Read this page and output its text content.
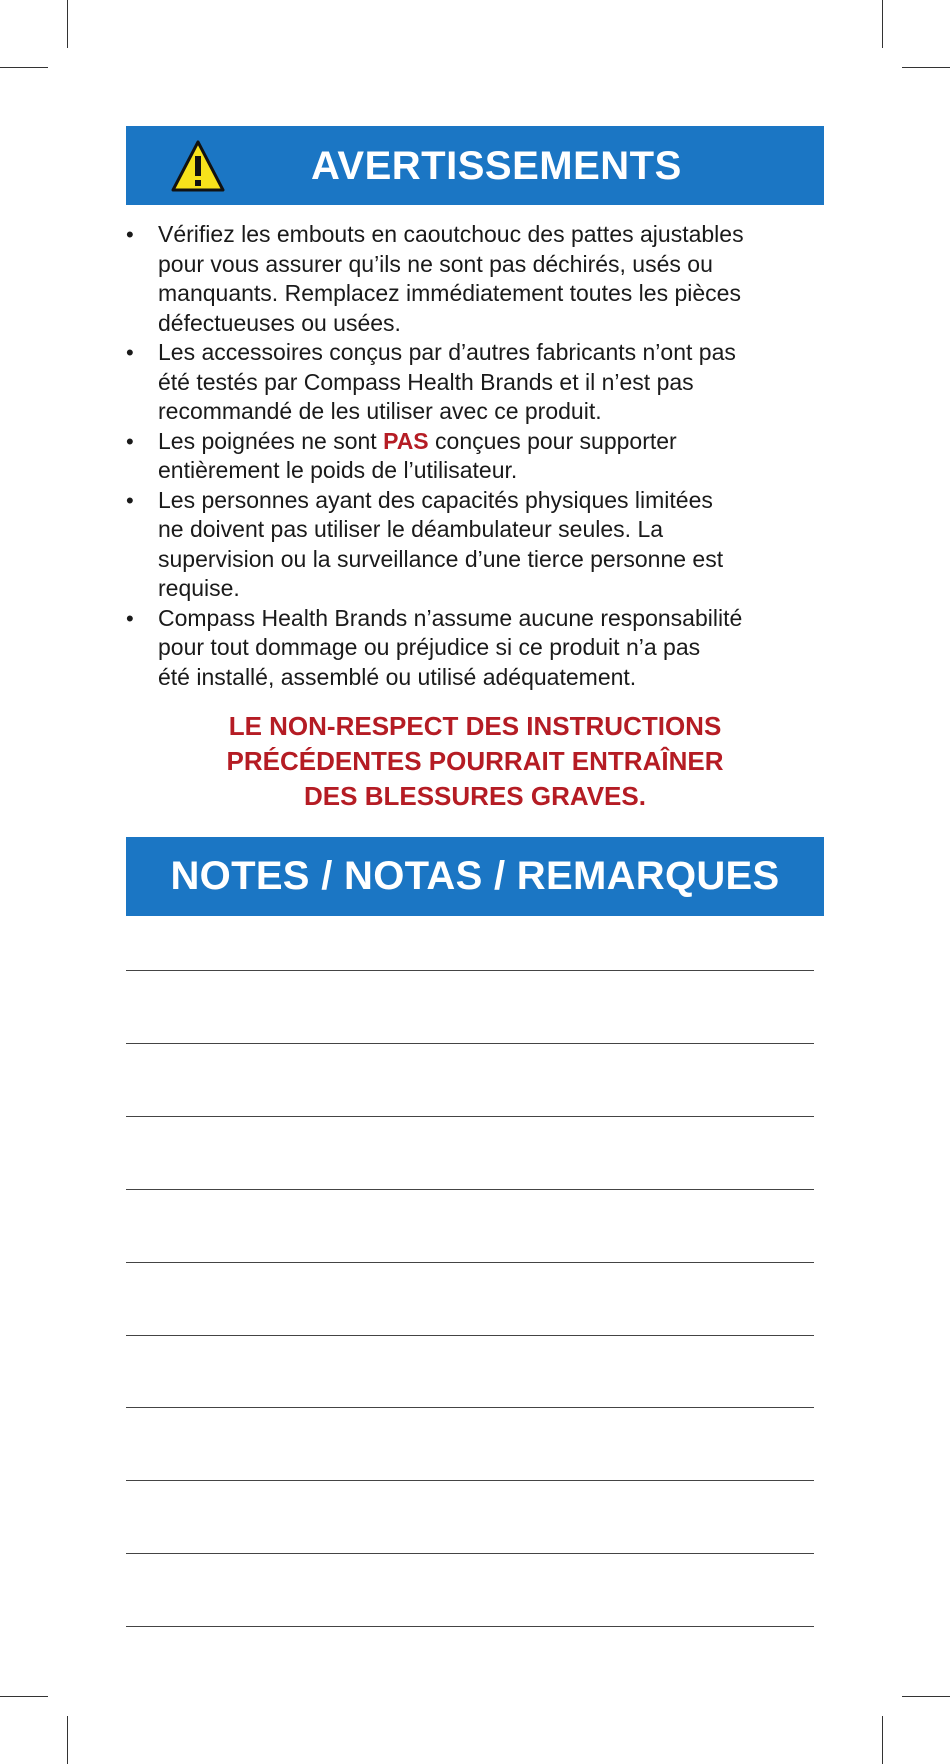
AVERTISSEMENTS
• Vérifiez les embouts en caoutchouc des pattes ajustables
pour vous assurer qu’ils ne sont pas déchirés, usés ou
manquants. Remplacez immédiatement toutes les pièces
défectueuses ou usées.
• Les accessoires conçus par d’autres fabricants n’ont pas
été testés par Compass Health Brands et il n’est pas
recommandé de les utiliser avec ce produit.
• Les poignées ne sont PAS conçues pour supporter
entièrement le poids de l’utilisateur.
• Les personnes ayant des capacités physiques limitées
ne doivent pas utiliser le déambulateur seules. La
supervision ou la surveillance d’une tierce personne est
requise.
• Compass Health Brands n’assume aucune responsabilité
pour tout dommage ou préjudice si ce produit n’a pas
été installé, assemblé ou utilisé adéquatement.
LE NON-RESPECT DES INSTRUCTIONS
PRÉCÉDENTES POURRAIT ENTRAÎNER
DES BLESSURES GRAVES.
NOTES / NOTAS / REMARQUES
